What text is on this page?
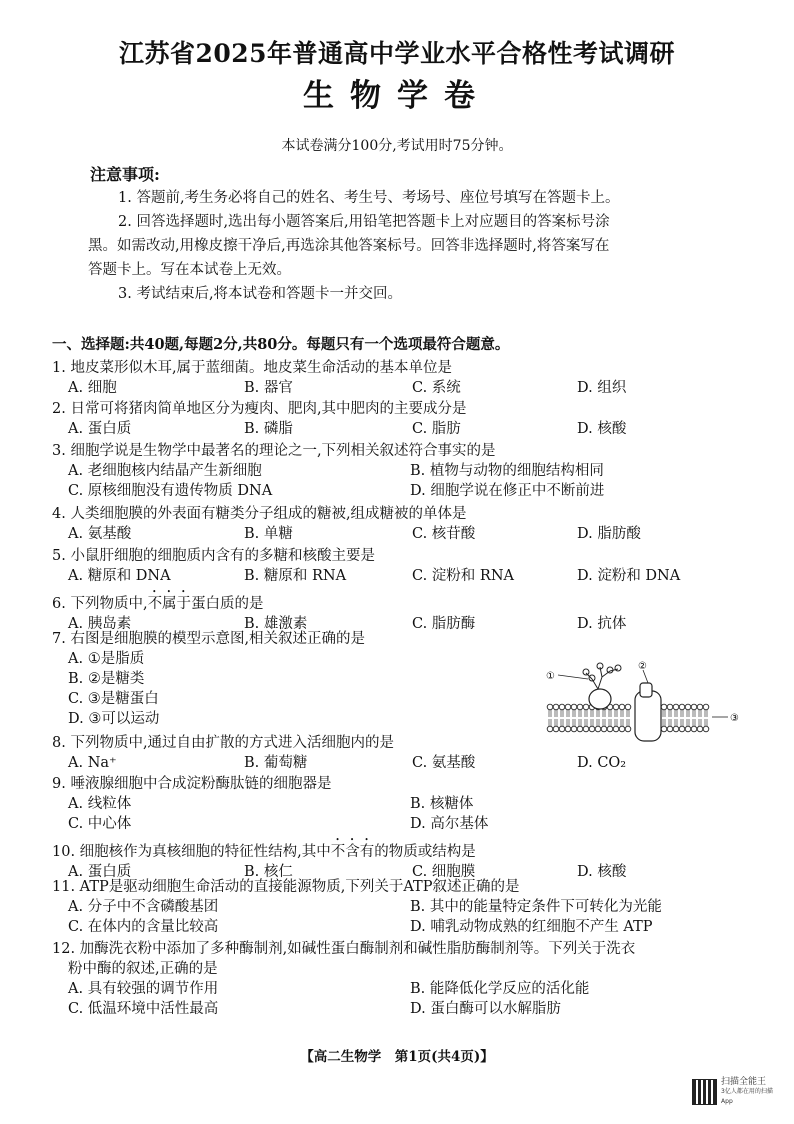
江苏省2025年普通高中学业水平合格性考试调研
生物学卷
本试卷满分100分,考试用时75分钟。
注意事项:

1. 答题前,考生务必将自己的姓名、考生号、考场号、座位号填写在答题卡上。

2. 回答选择题时,选出每小题答案后,用铅笔把答题卡上对应题目的答案标号涂

黑。如需改动,用橡皮擦干净后,再选涂其他答案标号。回答非选择题时,将答案写在

答题卡上。写在本试卷上无效。

3. 考试结束后,将本试卷和答题卡一并交回。

一、选择题:共40题,每题2分,共80分。每题只有一个选项最符合题意。
1. 地皮菜形似木耳,属于蓝细菌。地皮菜生命活动的基本单位是
A. 细胞	B. 器官	C. 系统	D. 组织
2. 日常可将猪肉简单地区分为瘦肉、肥肉,其中肥肉的主要成分是
A. 蛋白质	B. 磷脂	C. 脂肪	D. 核酸
3. 细胞学说是生物学中最著名的理论之一,下列相关叙述符合事实的是
A. 老细胞核内结晶产生新细胞	B. 植物与动物的细胞结构相同
C. 原核细胞没有遗传物质 DNA	D. 细胞学说在修正中不断前进
4. 人类细胞膜的外表面有糖类分子组成的糖被,组成糖被的单体是
A. 氨基酸	B. 单糖	C. 核苷酸	D. 脂肪酸
5. 小鼠肝细胞的细胞质内含有的多糖和核酸主要是
A. 糖原和 DNA	B. 糖原和 RNA	C. 淀粉和 RNA	D. 淀粉和 DNA
6. 下列物质中,不属于蛋白质的是
A. 胰岛素	B. 雄激素	C. 脂肪酶	D. 抗体
7. 右图是细胞膜的模型示意图,相关叙述正确的是
A. ①是脂质
B. ②是糖类
C. ③是糖蛋白
D. ③可以运动
①
②
③
8. 下列物质中,通过自由扩散的方式进入活细胞内的是
A. Na⁺	B. 葡萄糖	C. 氨基酸	D. CO₂
9. 唾液腺细胞中合成淀粉酶肽链的细胞器是
A. 线粒体	B. 核糖体
C. 中心体	D. 高尔基体
10. 细胞核作为真核细胞的特征性结构,其中不含有的物质或结构是
A. 蛋白质	B. 核仁	C. 细胞膜	D. 核酸
11. ATP是驱动细胞生命活动的直接能源物质,下列关于ATP叙述正确的是
A. 分子中不含磷酸基团	B. 其中的能量特定条件下可转化为光能
C. 在体内的含量比较高	D. 哺乳动物成熟的红细胞不产生 ATP
12. 加酶洗衣粉中添加了多种酶制剂,如碱性蛋白酶制剂和碱性脂肪酶制剂等。下列关于洗衣
粉中酶的叙述,正确的是
A. 具有较强的调节作用	B. 能降低化学反应的活化能
C. 低温环境中活性最高	D. 蛋白酶可以水解脂肪
【高二生物学　第1页(共4页)】
扫描全能王
3亿人都在用的扫描App
